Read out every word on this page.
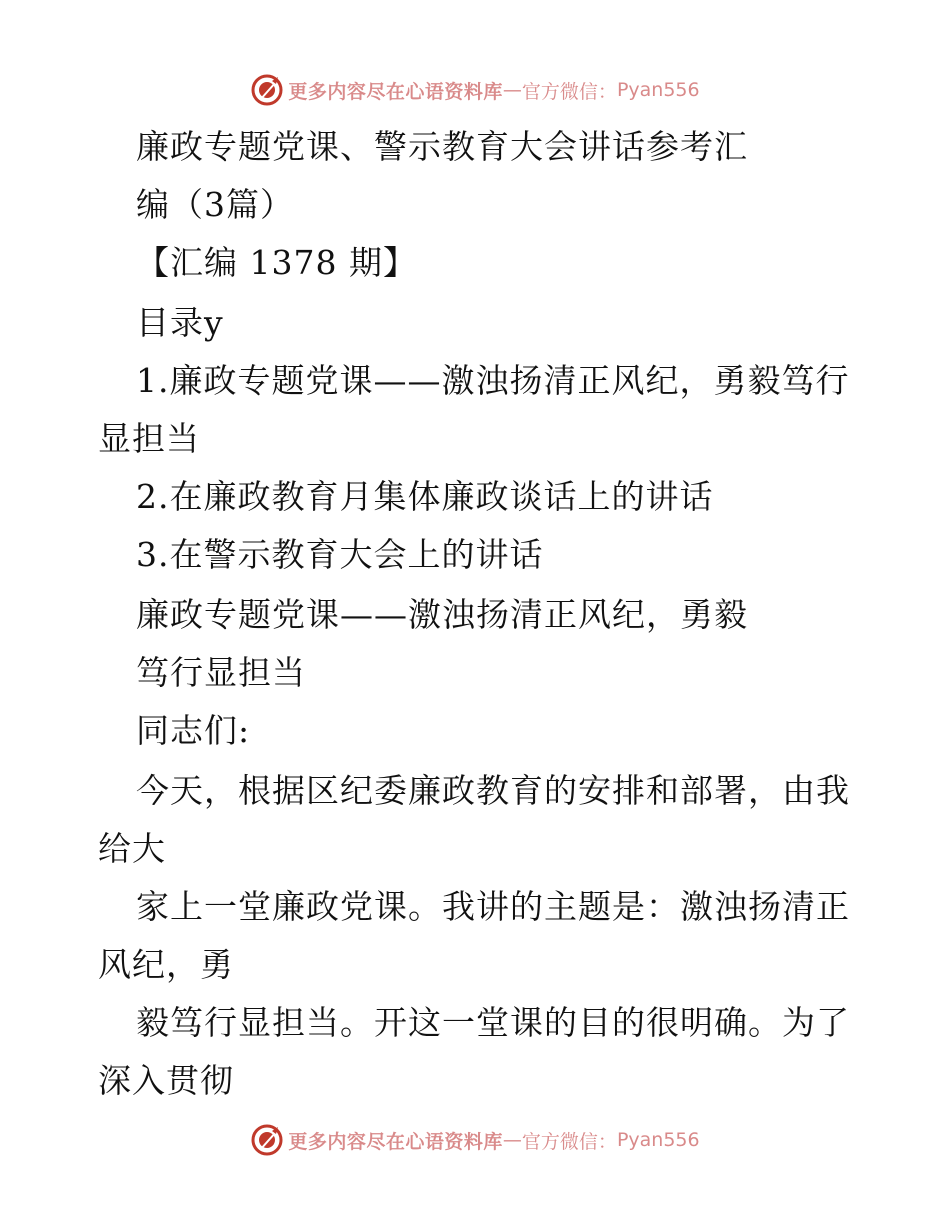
更多内容尽在心语资料库 — 官方微信： Pyan556
廉政专题党课、警示教育大会讲话参考汇
编（3篇）
【汇编 1378 期】
目录y
1.廉政专题党课——激浊扬清正风纪，勇毅笃行
显担当
2.在廉政教育月集体廉政谈话上的讲话
3.在警示教育大会上的讲话
廉政专题党课——激浊扬清正风纪，勇毅
笃行显担当
同志们:
今天，根据区纪委廉政教育的安排和部署，由我
给大
家上一堂廉政党课。我讲的主题是：激浊扬清正
风纪，勇
毅笃行显担当。开这一堂课的目的很明确。为了
深入贯彻
更多内容尽在心语资料库 — 官方微信： Pyan556
